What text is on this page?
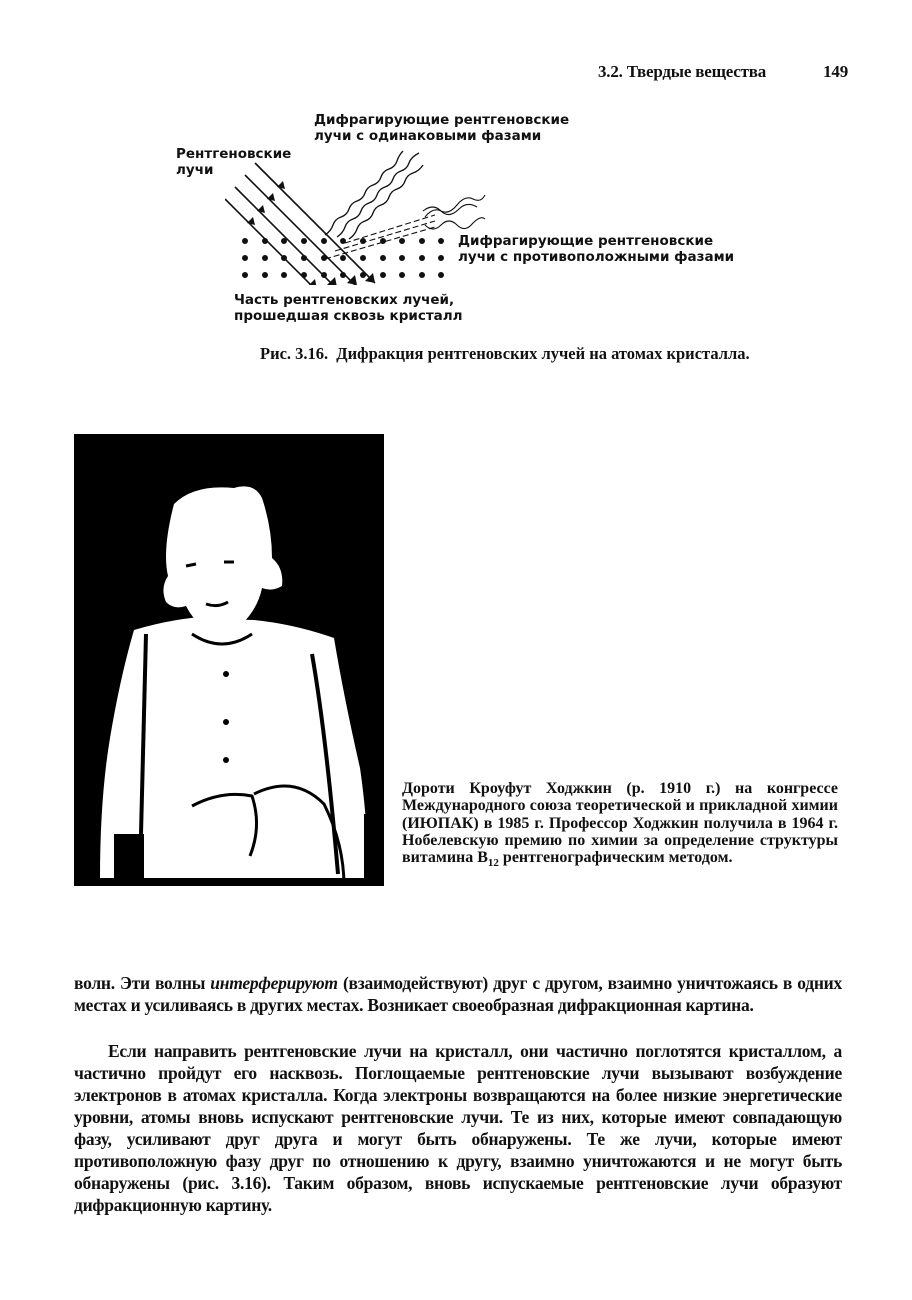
3.2. Твердые вещества	149
Дифрагирующие рентгеновские
лучи с одинаковыми фазами
Рентгеновские
лучи
Дифрагирующие рентгеновские
лучи с противоположными фазами
Часть рентгеновских лучей,
прошедшая сквозь кристалл
Рис. 3.16. Дифракция рентгеновских лучей на атомах кристалла.
Дороти Кроуфут Ходжкин (р. 1910 г.) на конгрессе Международного союза теоретической и прикладной химии (ИЮПАК) в 1985 г. Профессор Ходжкин получила в 1964 г. Нобелевскую премию по химии за определение структуры витамина $B_{12}$ рентгенографическим методом.
волн. Эти волны интерферируют (взаимодействуют) друг с другом, взаимно уничтожаясь в одних местах и усиливаясь в других местах. Возникает своеобразная дифракционная картина.
Если направить рентгеновские лучи на кристалл, они частично поглотятся кристаллом, а частично пройдут его насквозь. Поглощаемые рентгеновские лучи вызывают возбуждение электронов в атомах кристалла. Когда электроны возвращаются на более низкие энергетические уровни, атомы вновь испускают рентгеновские лучи. Те из них, которые имеют совпадающую фазу, усиливают друг друга и могут быть обнаружены. Те же лучи, которые имеют противоположную фазу друг по отношению к другу, взаимно уничтожаются и не могут быть обнаружены (рис. 3.16). Таким образом, вновь испускаемые рентгеновские лучи образуют дифракционную картину.
